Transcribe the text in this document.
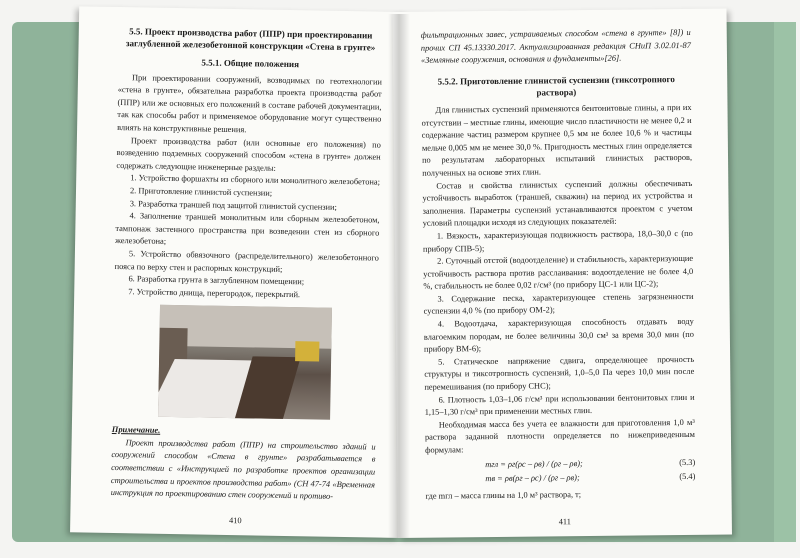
5.5. Проект производства работ (ППР) при проектировании заглубленной железобетонной конструкции «Стена в грунте»
5.5.1. Общие положения

При проектировании сооружений, возводимых по геотехнологии «стена в грунте», обязательна разработка проекта производства работ (ППР) или же основных его положений в составе рабочей документации, так как способы работ и применяемое оборудование могут существенно влиять на конструктивные решения.

Проект производства работ (или основные его положения) по возведению подземных сооружений способом «стена в грунте» должен содержать следующие инженерные разделы:

1. Устройство форшахты из сборного или монолитного железобетона;
2. Приготовление глинистой суспензии;
3. Разработка траншей под защитой глинистой суспензии;
4. Заполнение траншей монолитным или сборным железобетоном, тампонаж застенного пространства при возведении стен из сборного железобетона;
5. Устройство обвязочного (распределительного) железобетонного пояса по верху стен и распорных конструкций;
6. Разработка грунта в заглубленном помещении;
7. Устройство днища, перегородок, перекрытий.
Примечание.
Проект производства работ (ППР) на строительство зданий и сооружений способом «Стена в грунте» разрабатывается в соответствии с «Инструкцией по разработке проектов организации строительства и проектов производства работ» (СН 47-74 «Временная инструкция по проектированию стен сооружений и противо-
410

фильтрационных завес, устраиваемых способом «стена в грунте» [8]) и прочих СП 45.13330.2017. Актуализированная редакция СНиП 3.02.01-87 «Земляные сооружения, основания и фундаменты»[26].

5.5.2. Приготовление глинистой суспензии (тиксотропного раствора)

Для глинистых суспензий применяются бентонитовые глины, а при их отсутствии – местные глины, имеющие число пластичности не менее 0,2 и содержание частиц размером крупнее 0,5 мм не более 10,6 % и частицы мельче 0,005 мм не менее 30,0 %. Пригодность местных глин определяется по результатам лабораторных испытаний глинистых растворов, полученных на основе этих глин.

Состав и свойства глинистых суспензий должны обеспечивать устойчивость выработок (траншей, скважин) на период их устройства и заполнения. Параметры суспензий устанавливаются проектом с учетом условий площадки исходя из следующих показателей:

1. Вязкость, характеризующая подвижность раствора, 18,0–30,0 с (по прибору СПВ-5);
2. Суточный отстой (водоотделение) и стабильность, характеризующие устойчивость раствора против расслаивания: водоотделение не более 4,0 %, стабильность не более 0,02 г/см³ (по прибору ЦС-1 или ЦС-2);
3. Содержание песка, характеризующее степень загрязненности суспензии 4,0 % (по прибору ОМ-2);
4. Водоотдача, характеризующая способность отдавать воду влагоемким породам, не более величины 30,0 см³ за время 30,0 мин (по прибору ВМ-6);
5. Статическое напряжение сдвига, определяющее прочность структуры и тиксотропность суспензий, 1,0–5,0 Па через 10,0 мин после перемешивания (по прибору СНС);
6. Плотность 1,03–1,06 г/см³ при использовании бентонитовых глин и 1,15–1,30 г/см³ при применении местных глин.

Необходимая масса без учета ее влажности для приготовления 1,0 м³ раствора заданной плотности определяется по нижеприведенным формулам:

mгл = ρг(ρс – ρв) / (ρг – ρв);	(5.3)
mв = ρв(ρг – ρс) / (ρг – ρв);	(5.4)

где mгл – масса глины на 1,0 м³ раствора, т;

411
